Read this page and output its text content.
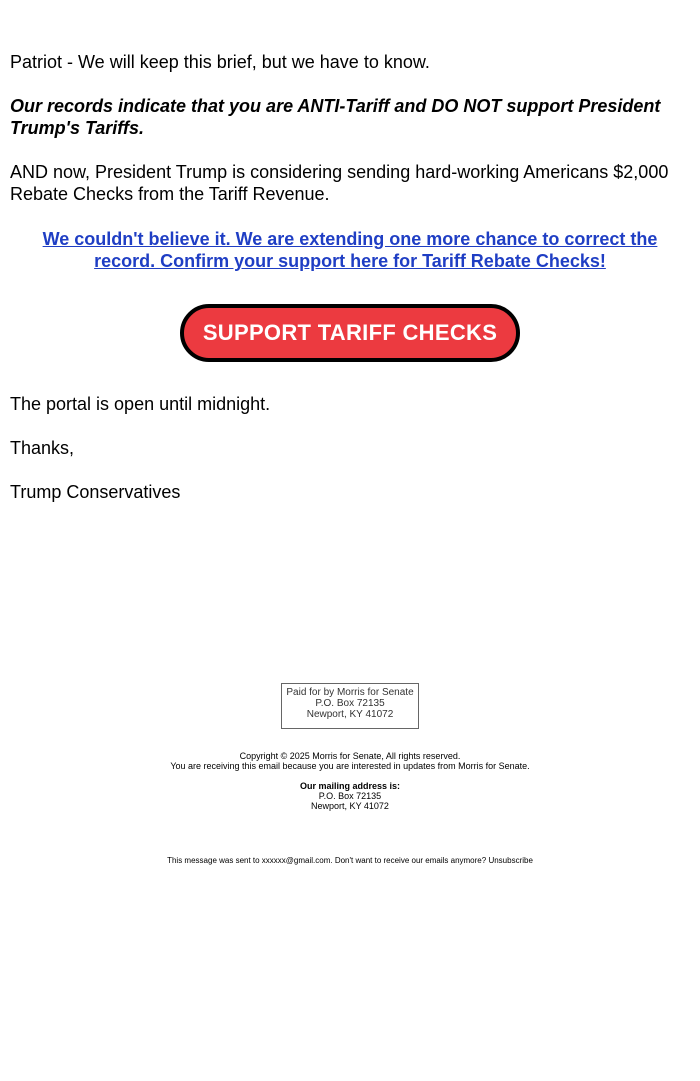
Patriot - We will keep this brief, but we have to know.

Our records indicate that you are ANTI-Tariff and DO NOT support President Trump's Tariffs.

AND now, President Trump is considering sending hard-working Americans $2,000 Rebate Checks from the Tariff Revenue.

We couldn't believe it. We are extending one more chance to correct the record. Confirm your support here for Tariff Rebate Checks!

SUPPORT TARIFF CHECKS

The portal is open until midnight.

Thanks,

Trump Conservatives

Paid for by Morris for Senate
P.O. Box 72135
Newport, KY 41072
Copyright © 2025 Morris for Senate, All rights reserved.
You are receiving this email because you are interested in updates from Morris for Senate.
Our mailing address is:
P.O. Box 72135
Newport, KY 41072
This message was sent to xxxxxx@gmail.com. Don't want to receive our emails anymore? Unsubscribe
